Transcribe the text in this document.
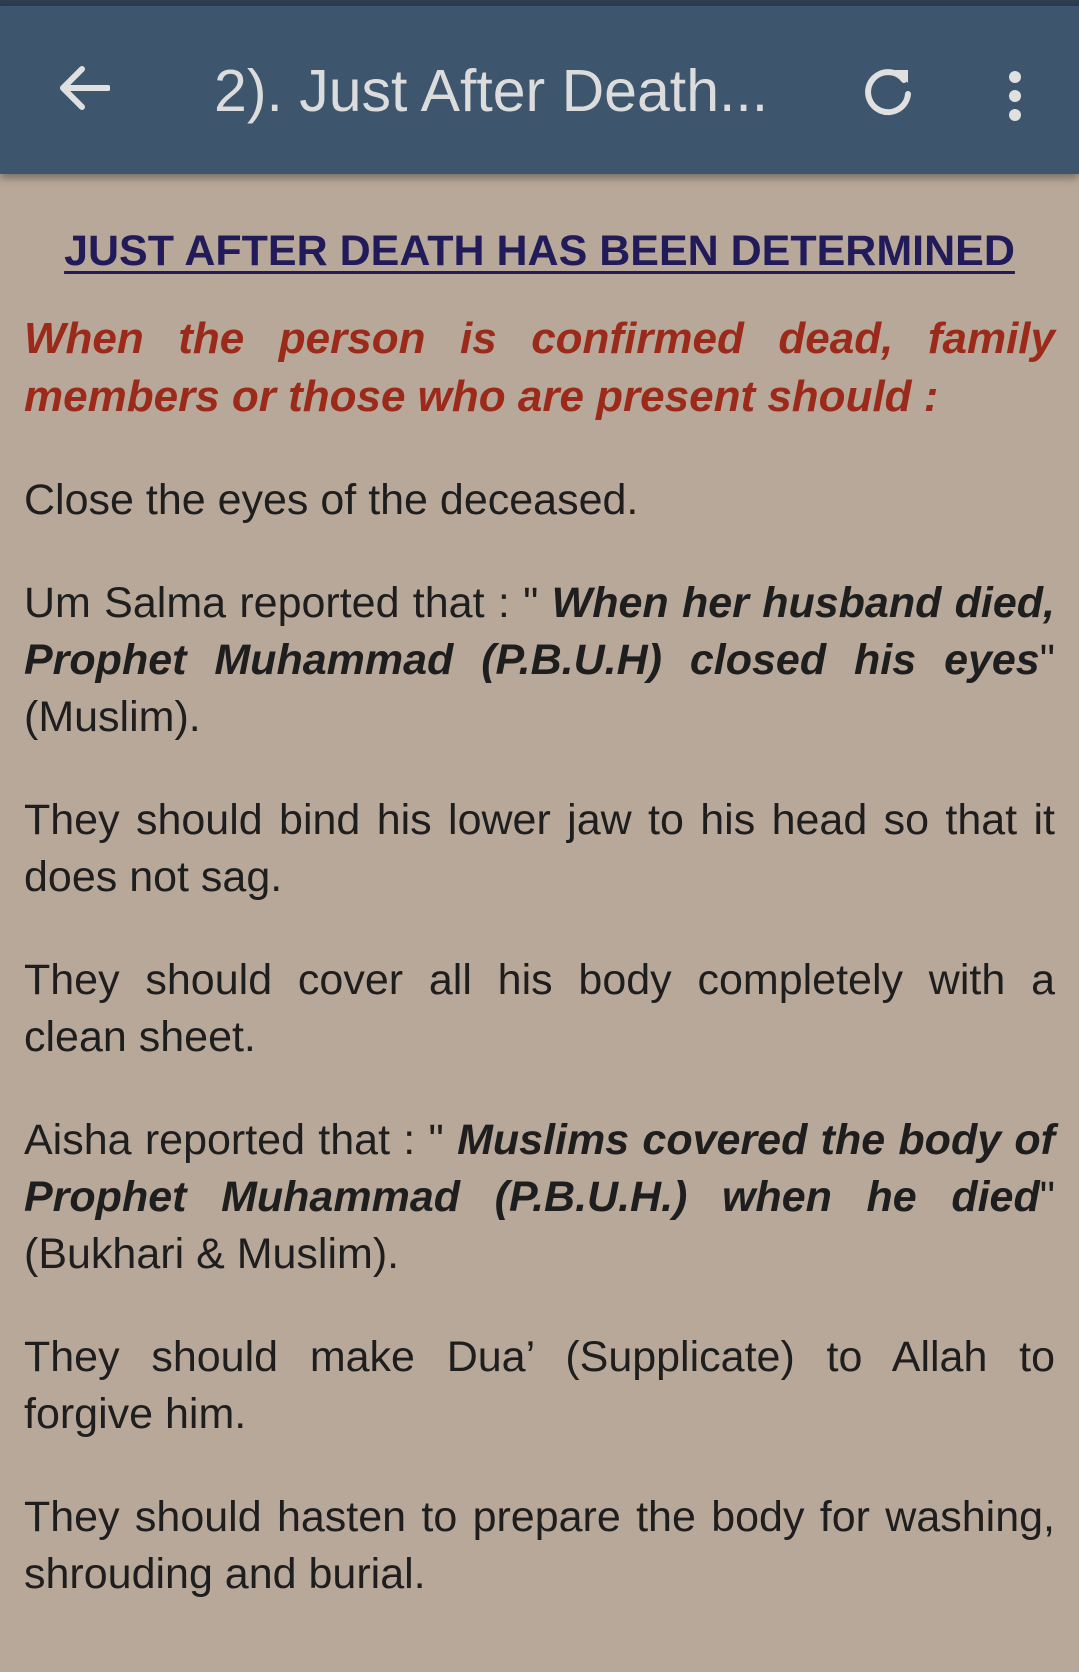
2). Just After Death...
JUST AFTER DEATH HAS BEEN DETERMINED
When the person is confirmed dead, family members or those who are present should :
Close the eyes of the deceased.
Um Salma reported that : " When her husband died, Prophet Muhammad (P.B.U.H) closed his eyes" (Muslim).
They should bind his lower jaw to his head so that it does not sag.
They should cover all his body completely with a clean sheet.
Aisha reported that : " Muslims covered the body of Prophet Muhammad (P.B.U.H.) when he died" (Bukhari & Muslim).
They should make Dua’ (Supplicate) to Allah to forgive him.
They should hasten to prepare the body for washing, shrouding and burial.
